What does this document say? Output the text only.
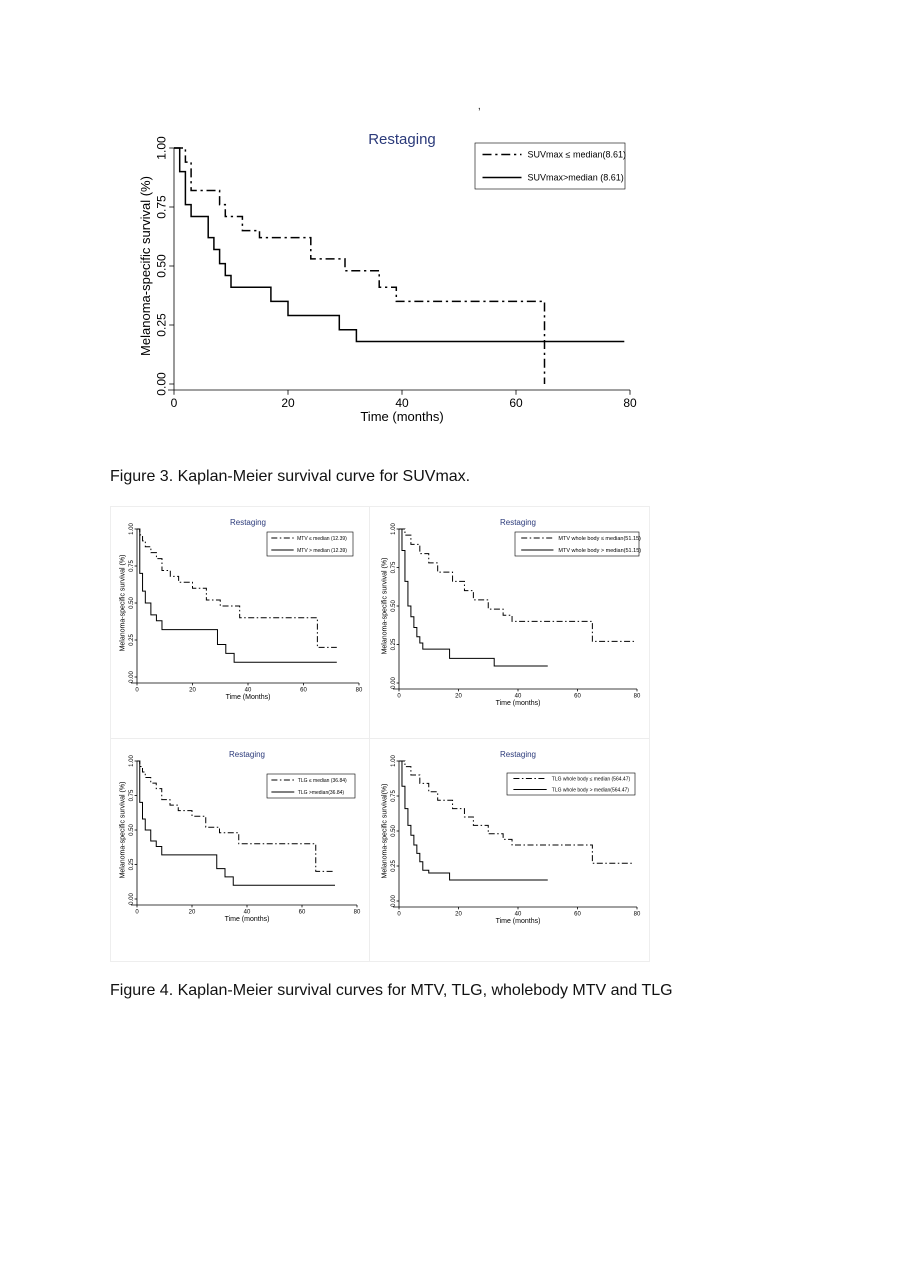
‚
Restaging
0	20	40	60	80
0.00
0.25
0.50
0.75
1.00
Time (months)
Melanoma-specific survival (%)
SUVmax ≤ median(8.61)
SUVmax>median (8.61)
Figure 3. Kaplan-Meier survival curve for SUVmax.
Restaging
0	20	40	60	80
0.00
0.25
0.50
0.75
1.00
Time (Months)
Melanoma-specific survival (%)
MTV ≤ median (12.39)
MTV > median (12.39)
Restaging
0	20	40	60	80
0.00
0.25
0.50
0.75
1.00
Time (months)
Melanoma-specific survival (%)
MTV whole body ≤ median(51.15)
MTV whole body > median(51.15)
Restaging
0	20	40	60	80
0.00
0.25
0.50
0.75
1.00
Time (months)
Melanoma-specific survival (%)
TLG ≤ median (36.84)
TLG >median(36.84)
Restaging
0	20	40	60	80
0.00
0.25
0.50
0.75
1.00
Time (months)
Melanoma-specific survival(%)
TLG whole body ≤ median (564.47)
TLG whole body > median(564.47)
Figure 4. Kaplan-Meier survival curves for MTV, TLG, wholebody MTV and TLG
